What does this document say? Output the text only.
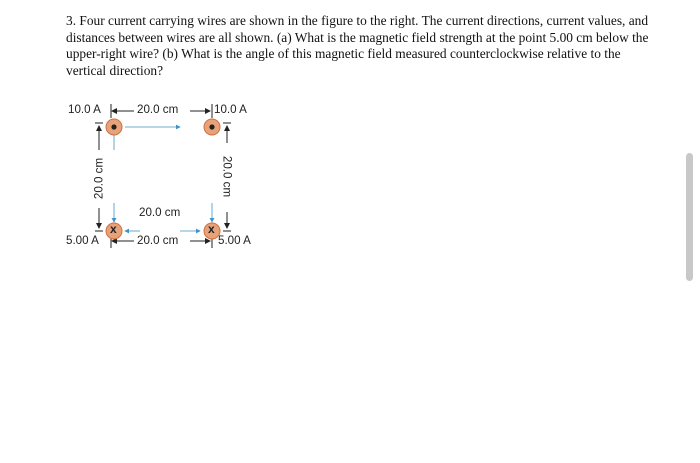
3. Four current carrying wires are shown in the figure to the right. The current directions, current values, and distances between wires are all shown. (a) What is the magnetic field strength at the point 5.00 cm below the upper-right wire? (b) What is the angle of this magnetic field measured counterclockwise relative to the vertical direction?
x	x
10.0 A	20.0 cm	10.0 A
20.0 cm
5.00 A	20.0 cm	5.00 A
20.0 cm	20.0 cm
